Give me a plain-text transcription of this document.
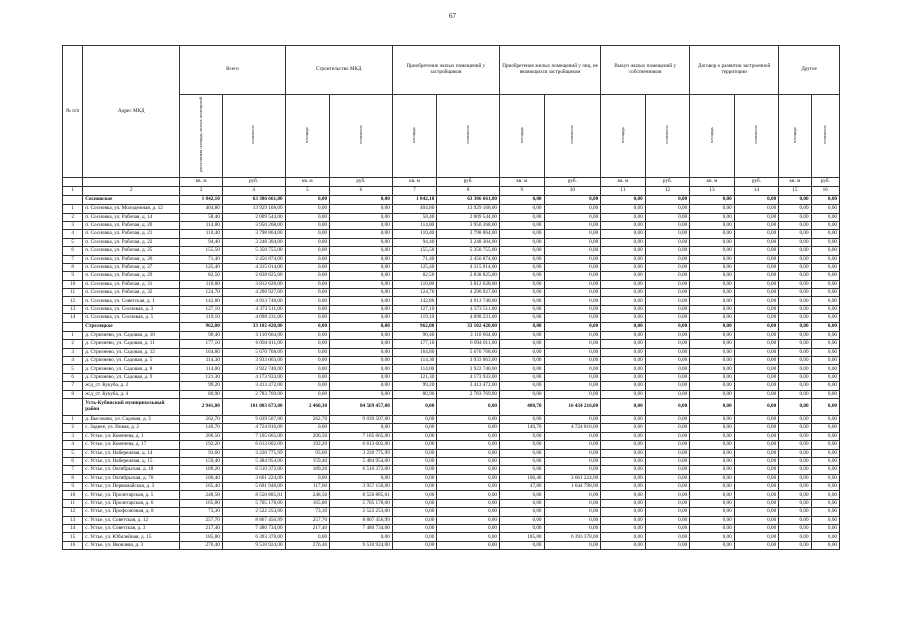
67
№ п/п	Адрес МКД	Всего		Строительство МКД		Приобретение жилых помещений у застройщиков		Приобретение жилых помещений у лиц, не являющихся застройщиком		Выкуп жилых помещений у собственников		Договор о развитии застроенной территории		Другое	
		расселяемая площадь жилых помещений	стоимость	площадь	стоимость	площадь	стоимость	площадь	стоимость	площадь	стоимость	площадь	стоимость	площадь	стоимость
		кв. м	руб.	кв. м	руб.	кв. м	руб.	кв. м	руб.	кв. м	руб.	кв. м	руб.	кв. м	руб.
1	2	3	4	5	6	7	8	9	10	11	12	13	14	15	16
	Сосновское	1 842,10	63 386 661,00	0,00	0,00	1 842,10	63 386 661,00	0,00	0,00	0,00	0,00	0,00	0,00	0,00	0,00
1	п. Сосновка, ул. Молодежная, д. 12	404,80	13 929 168,00	0,00	0,00	404,80	13 929 168,00	0,00	0,00	0,00	0,00	0,00	0,00	0,00	0,00
2	п. Сосновка, ул. Рабочая, д. 14	58,40	2 009 544,00	0,00	0,00	58,40	2 009 544,00	0,00	0,00	0,00	0,00	0,00	0,00	0,00	0,00
3	п. Сосновка, ул. Рабочая, д. 20	114,80	3 950 268,00	0,00	0,00	114,80	3 950 268,00	0,00	0,00	0,00	0,00	0,00	0,00	0,00	0,00
4	п. Сосновка, ул. Рабочая, д. 21	110,40	3 798 864,00	0,00	0,00	110,40	3 798 864,00	0,00	0,00	0,00	0,00	0,00	0,00	0,00	0,00
5	п. Сосновка, ул. Рабочая, д. 22	94,40	3 248 304,00	0,00	0,00	94,40	3 248 304,00	0,00	0,00	0,00	0,00	0,00	0,00	0,00	0,00
6	п. Сосновка, ул. Рабочая, д. 25	155,50	5 350 755,00	0,00	0,00	155,50	5 350 755,00	0,00	0,00	0,00	0,00	0,00	0,00	0,00	0,00
7	п. Сосновка, ул. Рабочая, д. 26	71,40	2 456 874,00	0,00	0,00	71,40	2 456 874,00	0,00	0,00	0,00	0,00	0,00	0,00	0,00	0,00
8	п. Сосновка, ул. Рабочая, д. 27	125,40	4 315 014,00	0,00	0,00	125,40	4 315 014,00	0,00	0,00	0,00	0,00	0,00	0,00	0,00	0,00
9	п. Сосновка, ул. Рабочая, д. 29	82,50	2 838 825,00	0,00	0,00	82,50	2 838 825,00	0,00	0,00	0,00	0,00	0,00	0,00	0,00	0,00
10	п. Сосновка, ул. Рабочая, д. 31	110,80	3 812 628,00	0,00	0,00	110,80	3 812 628,00	0,00	0,00	0,00	0,00	0,00	0,00	0,00	0,00
11	п. Сосновка, ул. Рабочая, д. 32	124,70	4 290 927,00	0,00	0,00	124,70	4 290 927,00	0,00	0,00	0,00	0,00	0,00	0,00	0,00	0,00
12	п. Сосновка, ул. Советская, д. 1	142,80	4 913 748,00	0,00	0,00	142,80	4 913 748,00	0,00	0,00	0,00	0,00	0,00	0,00	0,00	0,00
13	п. Сосновка, ул. Сосновая, д. 3	127,10	4 373 511,00	0,00	0,00	127,10	4 373 511,00	0,00	0,00	0,00	0,00	0,00	0,00	0,00	0,00
14	п. Сосновка, ул. Сосновая, д. 5	119,10	4 098 231,00	0,00	0,00	119,10	4 098 231,00	0,00	0,00	0,00	0,00	0,00	0,00	0,00	0,00
	Стрелецкое	962,00	33 102 420,00	0,00	0,00	962,00	33 102 420,00	0,00	0,00	0,00	0,00	0,00	0,00	0,00	0,00
1	д. Стризнево, ул. Садовая, д. 10	90,40	3 110 664,00	0,00	0,00	90,40	3 110 664,00	0,00	0,00	0,00	0,00	0,00	0,00	0,00	0,00
2	д. Стризнево, ул. Садовая, д. 11	177,10	6 094 011,00	0,00	0,00	177,10	6 094 011,00	0,00	0,00	0,00	0,00	0,00	0,00	0,00	0,00
3	д. Стризнево, ул. Садовая, д. 12	164,80	5 670 768,00	0,00	0,00	164,80	5 670 768,00	0,00	0,00	0,00	0,00	0,00	0,00	0,00	0,00
4	д. Стризнево, ул. Садовая, д. 5	114,30	3 933 063,00	0,00	0,00	114,30	3 933 063,00	0,00	0,00	0,00	0,00	0,00	0,00	0,00	0,00
5	д. Стризнево, ул. Садовая, д. 8	114,00	3 922 740,00	0,00	0,00	114,00	3 922 740,00	0,00	0,00	0,00	0,00	0,00	0,00	0,00	0,00
6	д. Стризнево, ул. Садовая, д. 9	121,30	4 173 933,00	0,00	0,00	121,30	4 173 933,00	0,00	0,00	0,00	0,00	0,00	0,00	0,00	0,00
7	ж/д_ст. Кукуба, д. 2	99,20	3 413 472,00	0,00	0,00	99,20	3 413 472,00	0,00	0,00	0,00	0,00	0,00	0,00	0,00	0,00
8	ж/д_ст. Кукуба, д. 4	80,90	2 783 769,00	0,00	0,00	80,90	2 783 769,00	0,00	0,00	0,00	0,00	0,00	0,00	0,00	0,00
	Усть-Кубинский муниципальный район	2 941,00	101 003 673,00	2 460,30	84 569 457,00	0,00	0,00	480,70	16 434 216,00	0,00	0,00	0,00	0,00	0,00	0,00
1	д. Высоково, ул. Садовая, д. 3	262,70	9 039 507,00	262,70	9 039 507,00	0,00	0,00	0,00	0,00	0,00	0,00	0,00	0,00	0,00	0,00
2	с. Заднее, ул. Новая, д. 2	140,70	4 724 816,00	0,00	0,00	0,00	0,00	140,70	4 724 816,00	0,00	0,00	0,00	0,00	0,00	0,00
3	с. Устье, ул. Комечева, д. 1	206,50	7 105 665,00	206,50	7 105 665,00	0,00	0,00	0,00	0,00	0,00	0,00	0,00	0,00	0,00	0,00
4	с. Устье, ул. Комечева, д. 17	192,20	6 613 602,00	192,20	6 613 602,00	0,00	0,00	0,00	0,00	0,00	0,00	0,00	0,00	0,00	0,00
5	с. Устье, ул. Набережная, д. 14	93,60	3 220 775,99	93,60	3 220 775,99	0,00	0,00	0,00	0,00	0,00	0,00	0,00	0,00	0,00	0,00
6	с. Устье, ул. Набережная, д. 15	159,40	5 484 954,00	159,40	5 484 954,00	0,00	0,00	0,00	0,00	0,00	0,00	0,00	0,00	0,00	0,00
7	с. Устье, ул. Октябрьская, д. 18	189,20	6 510 372,00	189,20	6 510 372,00	0,00	0,00	0,00	0,00	0,00	0,00	0,00	0,00	0,00	0,00
8	с. Устье, ул. Октябрьская, д. 76	106,40	3 661 224,00	0,00	0,00	0,00	0,00	106,40	3 661 224,00	0,00	0,00	0,00	0,00	0,00	0,00
9	с. Устье, ул. Первомайская, д. 3	165,40	5 601 948,00	117,60	3 957 150,00	0,00	0,00	47,80	1 644 798,00	0,00	0,00	0,00	0,00	0,00	0,00
10	с. Устье, ул. Пролетарская, д. 5	248,50	8 550 885,01	248,50	8 550 885,01	0,00	0,00	0,00	0,00	0,00	0,00	0,00	0,00	0,00	0,00
11	с. Устье, ул. Пролетарская, д. 6	165,80	5 705 178,00	165,80	5 705 178,00	0,00	0,00	0,00	0,00	0,00	0,00	0,00	0,00	0,00	0,00
12	с. Устье, ул. Профсоюзная, д. 8	73,30	2 522 253,00	73,30	2 522 253,00	0,00	0,00	0,00	0,00	0,00	0,00	0,00	0,00	0,00	0,00
13	с. Устье, ул. Советская, д. 12	257,70	8 867 456,99	257,70	8 867 456,99	0,00	0,00	0,00	0,00	0,00	0,00	0,00	0,00	0,00	0,00
14	с. Устье, ул. Советская, д. 3	217,40	7 480 734,00	217,40	7 480 734,00	0,00	0,00	0,00	0,00	0,00	0,00	0,00	0,00	0,00	0,00
15	с. Устье, ул. Юбилейная, д. 15	185,80	6 393 378,00	0,00	0,00	0,00	0,00	185,80	6 393 378,00	0,00	0,00	0,00	0,00	0,00	0,00
16	с. Устье, ул. Яковлева, д. 3	276,40	9 510 924,00	276,40	9 510 924,00	0,00	0,00	0,00	0,00	0,00	0,00	0,00	0,00	0,00	0,00
